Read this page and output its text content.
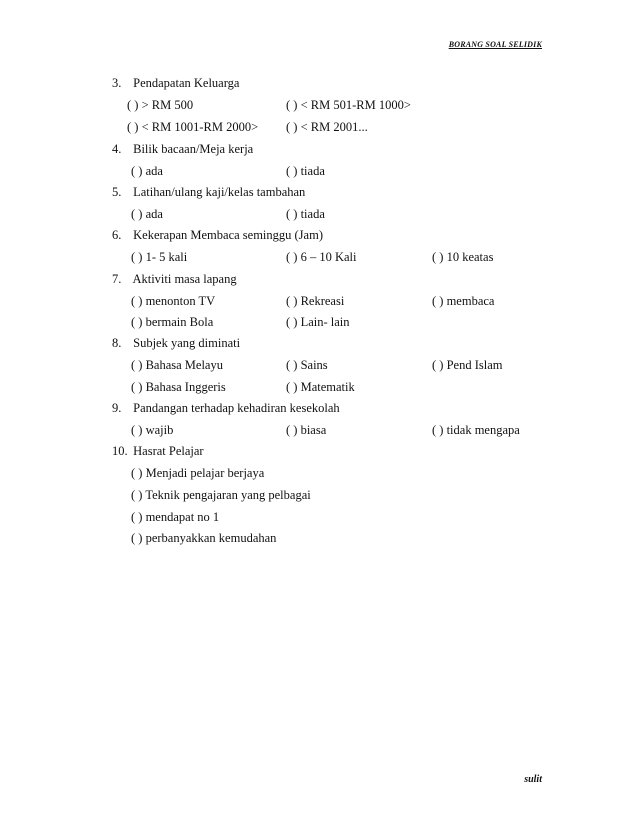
BORANG SOAL SELIDIK
3. Pendapatan Keluarga
( ) > RM 500	( ) < RM 501-RM 1000>
( ) < RM 1001-RM 2000> ( ) < RM 2001...
4. Bilik bacaan/Meja kerja
( ) ada	( ) tiada
5. Latihan/ulang kaji/kelas tambahan
( ) ada	( ) tiada
6. Kekerapan Membaca seminggu (Jam)
( ) 1- 5 kali	( ) 6 – 10 Kali	( ) 10 keatas
7. Aktiviti masa lapang
( ) menonton TV	( ) Rekreasi	( ) membaca
( ) bermain Bola	( ) Lain- lain
8. Subjek yang diminati
( ) Bahasa Melayu	( ) Sains	( ) Pend Islam
( ) Bahasa Inggeris	( ) Matematik
9. Pandangan terhadap kehadiran kesekolah
( ) wajib	( ) biasa	( ) tidak mengapa
10. Hasrat Pelajar
( ) Menjadi pelajar berjaya
( ) Teknik pengajaran yang pelbagai
( ) mendapat no 1
( ) perbanyakkan kemudahan
sulit
